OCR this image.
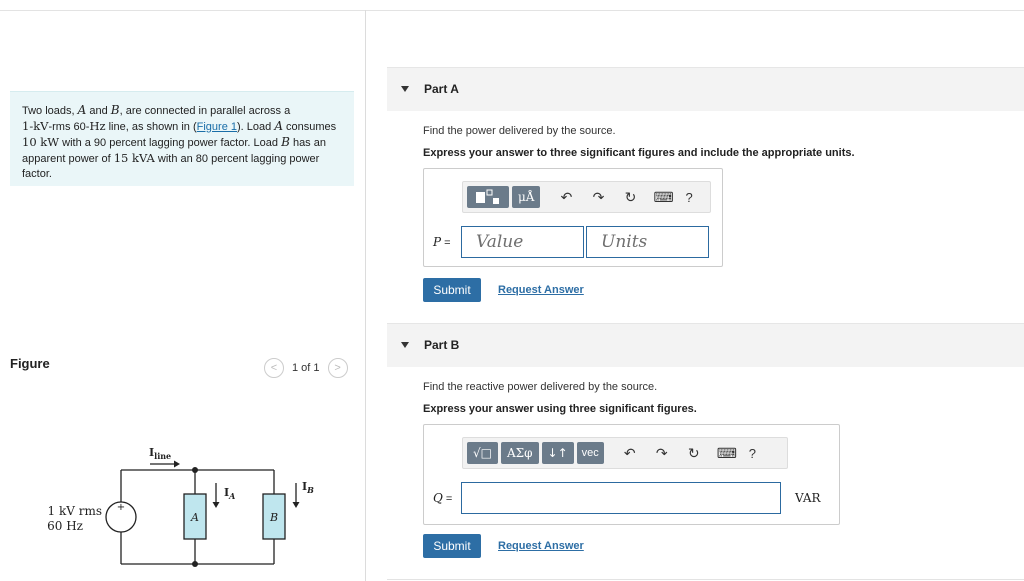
Two loads, A and B, are connected in parallel across a
1-kV-rms 60-Hz line, as shown in (Figure 1). Load A consumes
10 kW with a 90 percent lagging power factor. Load B has an apparent power of 15 kVA with an 80 percent lagging power factor.
Figure	< 1 of 1 >
+
A	B
1 kV rms
60 Hz
$I_{line}$
$I_A$
$I_B$
Part A
Find the power delivered by the source.
Express your answer to three significant figures and include the appropriate units.
μÅ	↶ ↷ ↻ ⌨ ?
P =	Value	Units
Submit	Request Answer
Part B
Find the reactive power delivered by the source.
Express your answer using three significant figures.
√□	ΑΣφ	↓↑	vec	↶ ↷ ↻ ⌨ ?
Q =	VAR
Submit	Request Answer
